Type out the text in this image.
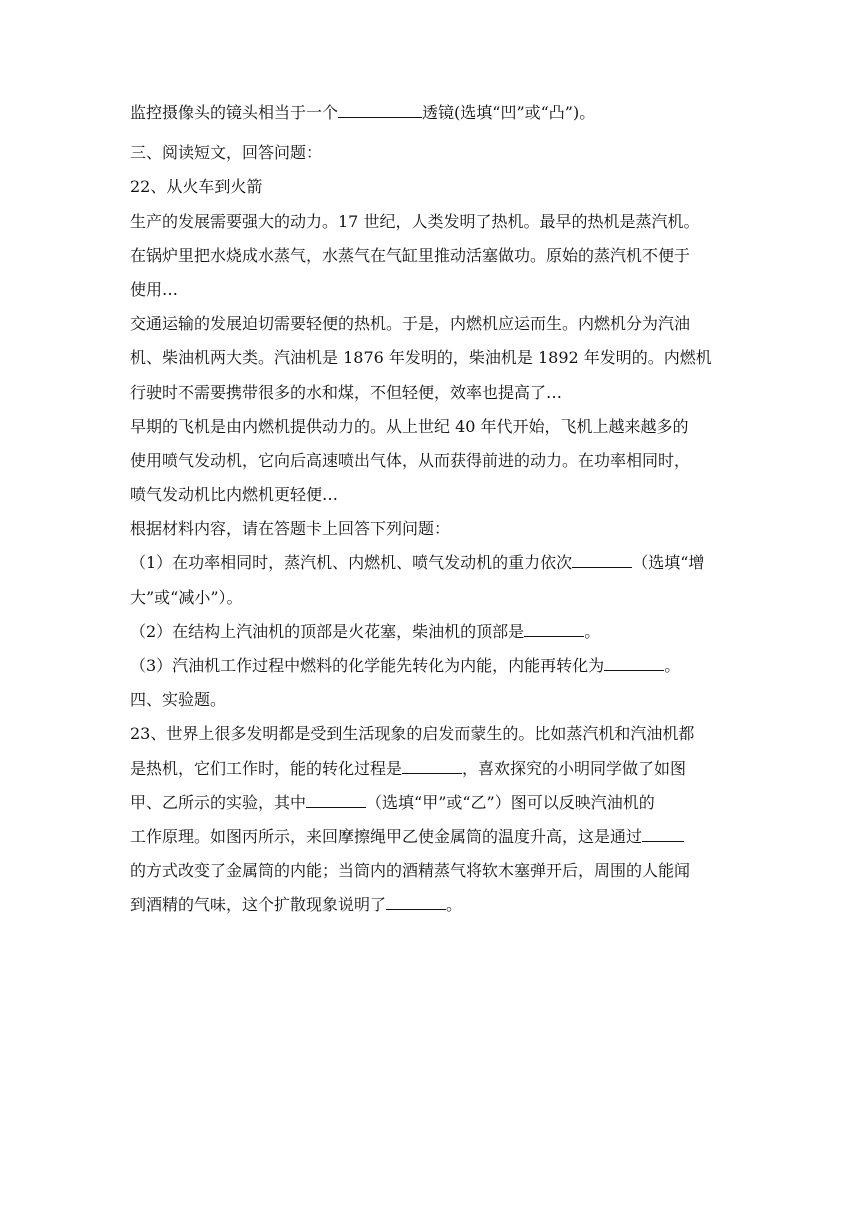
监控摄像头的镜头相当于一个	透镜(选填“凹”或“凸”)。
三、阅读短文，回答问题：
22、从火车到火箭
生产的发展需要强大的动力。17 世纪，人类发明了热机。最早的热机是蒸汽机。
在锅炉里把水烧成水蒸气，水蒸气在气缸里推动活塞做功。原始的蒸汽机不便于
使用…
交通运输的发展迫切需要轻便的热机。于是，内燃机应运而生。内燃机分为汽油
机、柴油机两大类。汽油机是 1876 年发明的，柴油机是 1892 年发明的。内燃机
行驶时不需要携带很多的水和煤，不但轻便，效率也提高了…
早期的飞机是由内燃机提供动力的。从上世纪 40 年代开始，飞机上越来越多的
使用喷气发动机，它向后高速喷出气体，从而获得前进的动力。在功率相同时，
喷气发动机比内燃机更轻便…
根据材料内容，请在答题卡上回答下列问题：
（1）在功率相同时，蒸汽机、内燃机、喷气发动机的重力依次	（选填“增
大”或“减小”）。
（2）在结构上汽油机的顶部是火花塞，柴油机的顶部是	。
（3）汽油机工作过程中燃料的化学能先转化为内能，内能再转化为	。
四、实验题。
23、世界上很多发明都是受到生活现象的启发而蒙生的。比如蒸汽机和汽油机都
是热机，它们工作时，能的转化过程是	，喜欢探究的小明同学做了如图
甲、乙所示的实验，其中	（选填“甲”或“乙”）图可以反映汽油机的
工作原理。如图丙所示，来回摩擦绳甲乙使金属筒的温度升高，这是通过
的方式改变了金属筒的内能；当筒内的酒精蒸气将软木塞弹开后，周围的人能闻
到酒精的气味，这个扩散现象说明了	。
